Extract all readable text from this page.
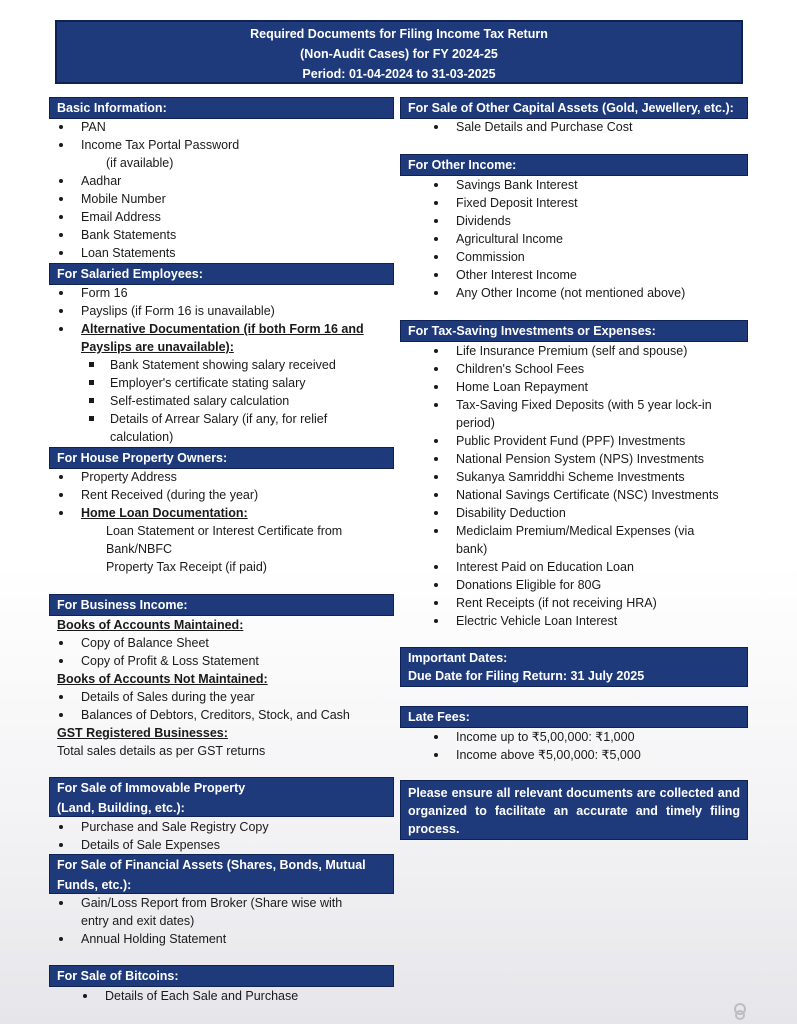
Required Documents for Filing Income Tax Return
(Non-Audit Cases) for FY 2024-25
Period: 01-04-2024 to 31-03-2025
Basic Information:
PAN
Income Tax Portal Password
(if available)
Aadhar
Mobile Number
Email Address
Bank Statements
Loan Statements
For Salaried Employees:
Form 16
Payslips (if Form 16 is unavailable)
Alternative Documentation (if both Form 16 and
Payslips are unavailable):
Bank Statement showing salary received
Employer's certificate stating salary
Self-estimated salary calculation
Details of Arrear Salary (if any, for relief
calculation)
For House Property Owners:
Property Address
Rent Received (during the year)
Home Loan Documentation:
Loan Statement or Interest Certificate from
Bank/NBFC
Property Tax Receipt (if paid)
For Business Income:
Books of Accounts Maintained:
Copy of Balance Sheet
Copy of Profit & Loss Statement
Books of Accounts Not Maintained:
Details of Sales during the year
Balances of Debtors, Creditors, Stock, and Cash
GST Registered Businesses:
Total sales details as per GST returns
For Sale of Immovable Property
(Land, Building, etc.):
Purchase and Sale Registry Copy
Details of Sale Expenses
For Sale of Financial Assets (Shares, Bonds, Mutual
Funds, etc.):
Gain/Loss Report from Broker (Share wise with
entry and exit dates)
Annual Holding Statement
For Sale of Bitcoins:
Details of Each Sale and Purchase
For Sale of Other Capital Assets (Gold, Jewellery, etc.):
Sale Details and Purchase Cost
For Other Income:
Savings Bank Interest
Fixed Deposit Interest
Dividends
Agricultural Income
Commission
Other Interest Income
Any Other Income (not mentioned above)
For Tax-Saving Investments or Expenses:
Life Insurance Premium (self and spouse)
Children's School Fees
Home Loan Repayment
Tax-Saving Fixed Deposits (with 5 year lock-in
period)
Public Provident Fund (PPF) Investments
National Pension System (NPS) Investments
Sukanya Samriddhi Scheme Investments
National Savings Certificate (NSC) Investments
Disability Deduction
Mediclaim Premium/Medical Expenses (via
bank)
Interest Paid on Education Loan
Donations Eligible for 80G
Rent Receipts (if not receiving HRA)
Electric Vehicle Loan Interest
Important Dates:
Due Date for Filing Return: 31 July 2025
Late Fees:
Income up to ₹5,00,000: ₹1,000
Income above ₹5,00,000: ₹5,000
Please ensure all relevant documents are collected and organized to facilitate an accurate and timely filing process.
